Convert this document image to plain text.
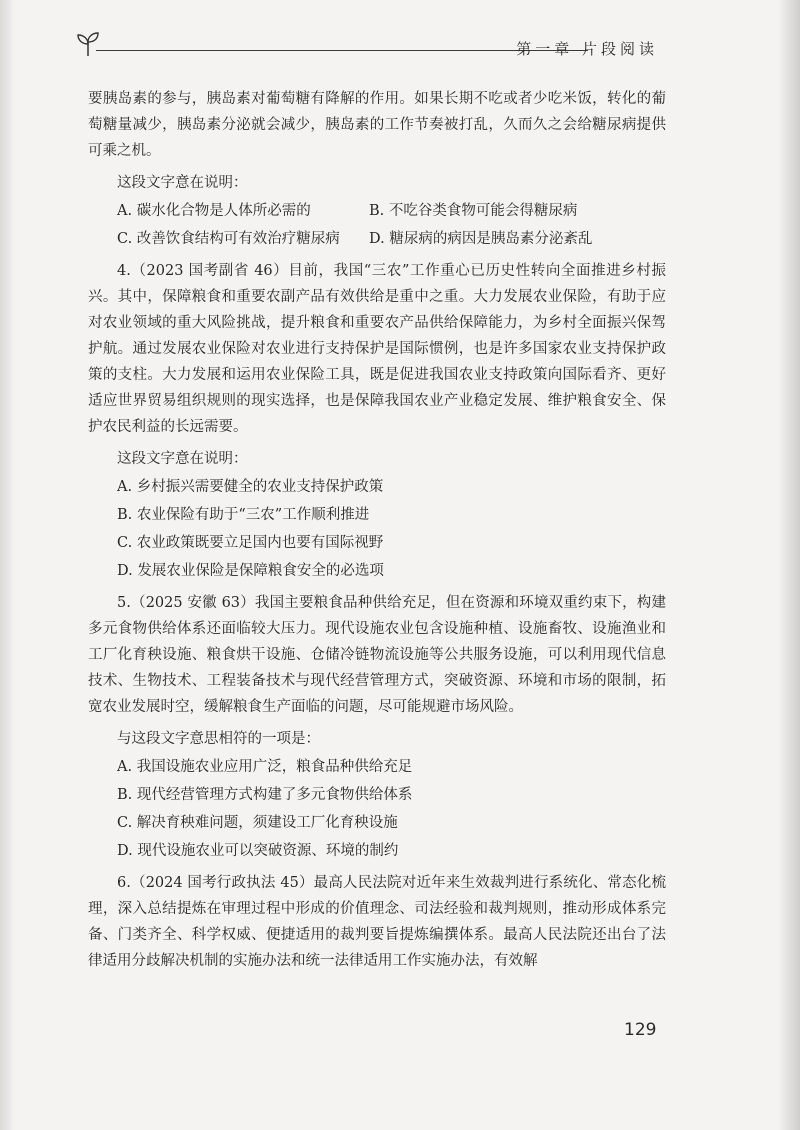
第一章 片段阅读

要胰岛素的参与，胰岛素对葡萄糖有降解的作用。如果长期不吃或者少吃米饭，转化的葡萄糖量减少，胰岛素分泌就会减少，胰岛素的工作节奏被打乱，久而久之会给糖尿病提供可乘之机。

这段文字意在说明：

A. 碳水化合物是人体所必需的	B. 不吃谷类食物可能会得糖尿病
C. 改善饮食结构可有效治疗糖尿病	D. 糖尿病的病因是胰岛素分泌紊乱

4.（2023 国考副省 46）目前，我国“三农”工作重心已历史性转向全面推进乡村振兴。其中，保障粮食和重要农副产品有效供给是重中之重。大力发展农业保险，有助于应对农业领域的重大风险挑战，提升粮食和重要农产品供给保障能力，为乡村全面振兴保驾护航。通过发展农业保险对农业进行支持保护是国际惯例，也是许多国家农业支持保护政策的支柱。大力发展和运用农业保险工具，既是促进我国农业支持政策向国际看齐、更好适应世界贸易组织规则的现实选择，也是保障我国农业产业稳定发展、维护粮食安全、保护农民利益的长远需要。

这段文字意在说明：

A. 乡村振兴需要健全的农业支持保护政策

B. 农业保险有助于“三农”工作顺利推进

C. 农业政策既要立足国内也要有国际视野

D. 发展农业保险是保障粮食安全的必选项

5.（2025 安徽 63）我国主要粮食品种供给充足，但在资源和环境双重约束下，构建多元食物供给体系还面临较大压力。现代设施农业包含设施种植、设施畜牧、设施渔业和工厂化育秧设施、粮食烘干设施、仓储冷链物流设施等公共服务设施，可以利用现代信息技术、生物技术、工程装备技术与现代经营管理方式，突破资源、环境和市场的限制，拓宽农业发展时空，缓解粮食生产面临的问题，尽可能规避市场风险。

与这段文字意思相符的一项是：

A. 我国设施农业应用广泛，粮食品种供给充足

B. 现代经营管理方式构建了多元食物供给体系

C. 解决育秧难问题，须建设工厂化育秧设施

D. 现代设施农业可以突破资源、环境的制约

6.（2024 国考行政执法 45）最高人民法院对近年来生效裁判进行系统化、常态化梳理，深入总结提炼在审理过程中形成的价值理念、司法经验和裁判规则，推动形成体系完备、门类齐全、科学权威、便捷适用的裁判要旨提炼编撰体系。最高人民法院还出台了法律适用分歧解决机制的实施办法和统一法律适用工作实施办法，有效解

129
